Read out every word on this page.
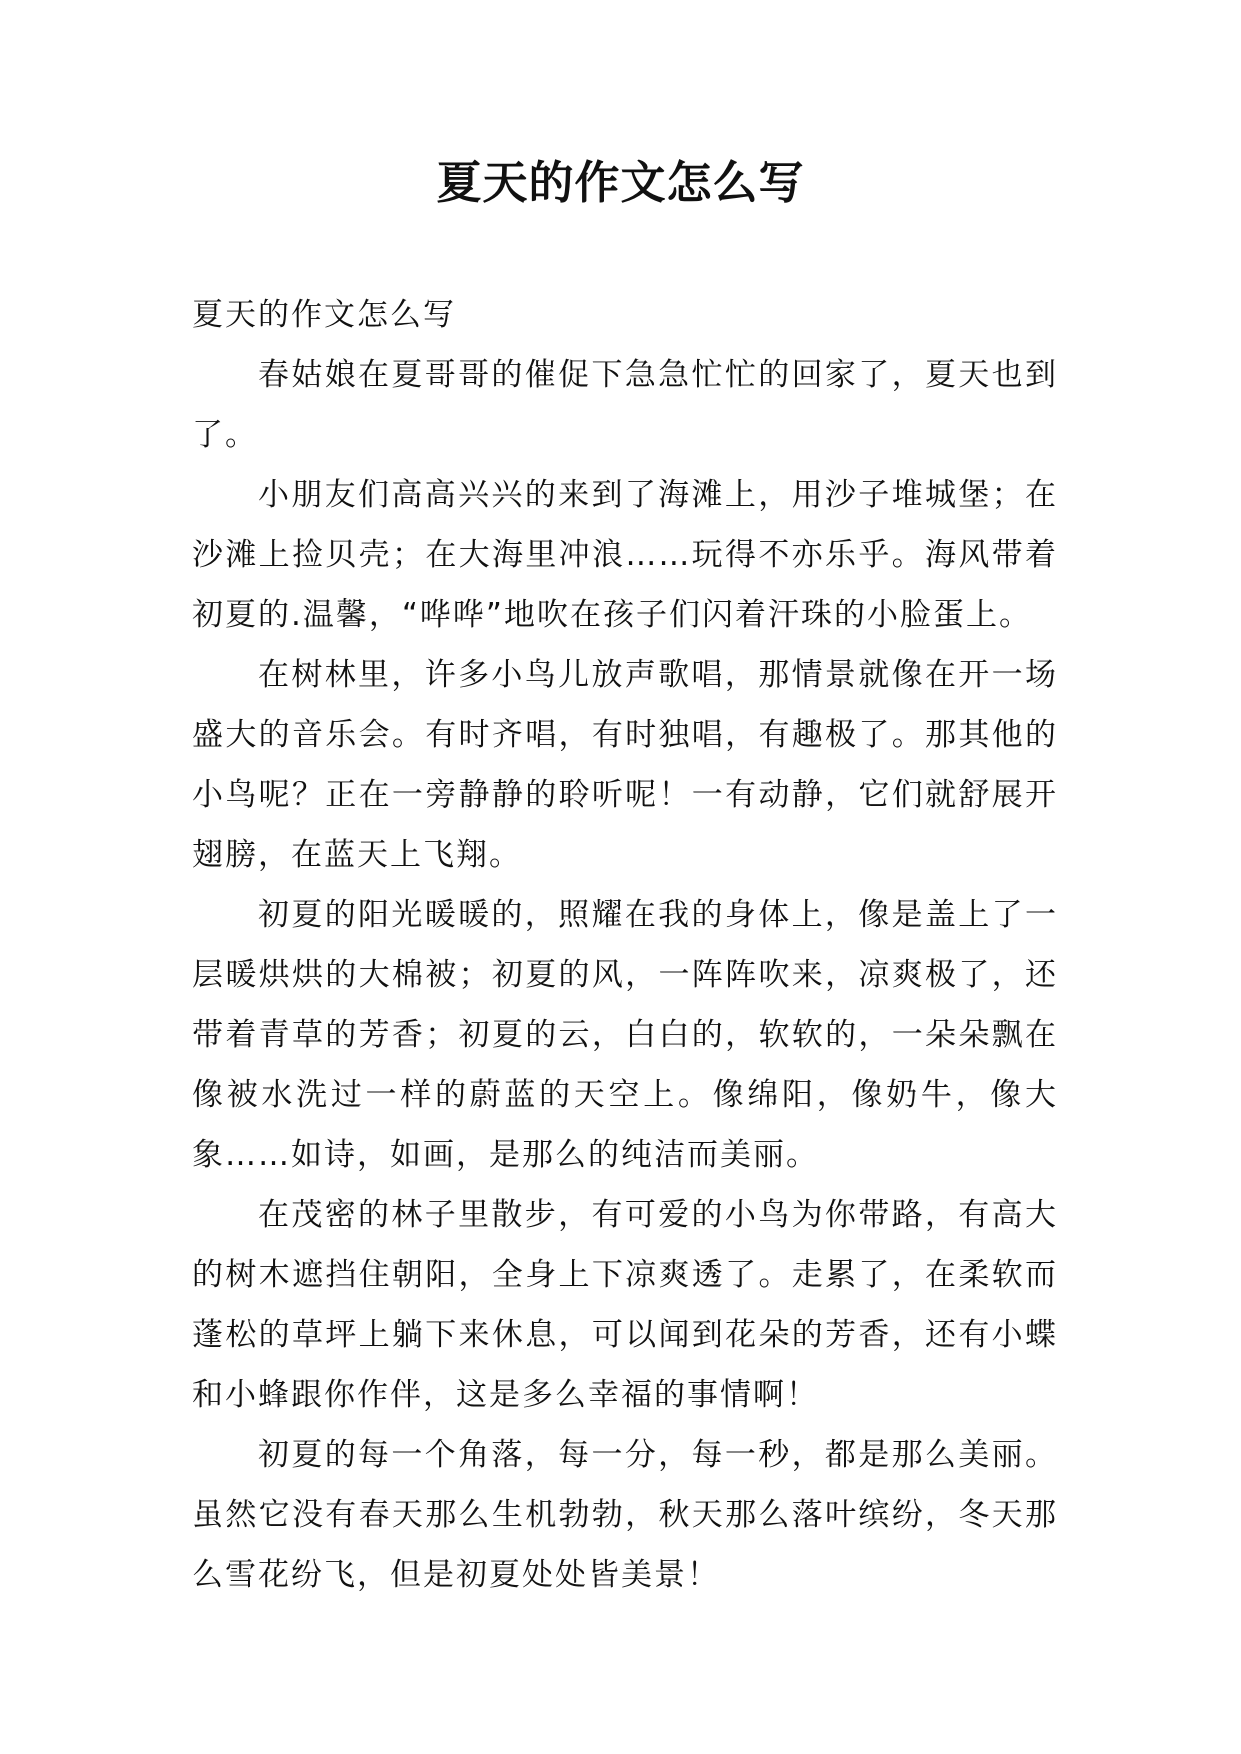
夏天的作文怎么写

夏天的作文怎么写

春姑娘在夏哥哥的催促下急急忙忙的回家了，夏天也到了。

小朋友们高高兴兴的来到了海滩上，用沙子堆城堡；在沙滩上捡贝壳；在大海里冲浪……玩得不亦乐乎。海风带着初夏的.温馨，“哗哗”地吹在孩子们闪着汗珠的小脸蛋上。

在树林里，许多小鸟儿放声歌唱，那情景就像在开一场盛大的音乐会。有时齐唱，有时独唱，有趣极了。那其他的小鸟呢？正在一旁静静的聆听呢！一有动静，它们就舒展开翅膀，在蓝天上飞翔。

初夏的阳光暖暖的，照耀在我的身体上，像是盖上了一层暖烘烘的大棉被；初夏的风，一阵阵吹来，凉爽极了，还带着青草的芳香；初夏的云，白白的，软软的，一朵朵飘在像被水洗过一样的蔚蓝的天空上。像绵阳，像奶牛，像大象……如诗，如画，是那么的纯洁而美丽。

在茂密的林子里散步，有可爱的小鸟为你带路，有高大的树木遮挡住朝阳，全身上下凉爽透了。走累了，在柔软而蓬松的草坪上躺下来休息，可以闻到花朵的芳香，还有小蝶和小蜂跟你作伴，这是多么幸福的事情啊！

初夏的每一个角落，每一分，每一秒，都是那么美丽。虽然它没有春天那么生机勃勃，秋天那么落叶缤纷，冬天那么雪花纷飞，但是初夏处处皆美景！
